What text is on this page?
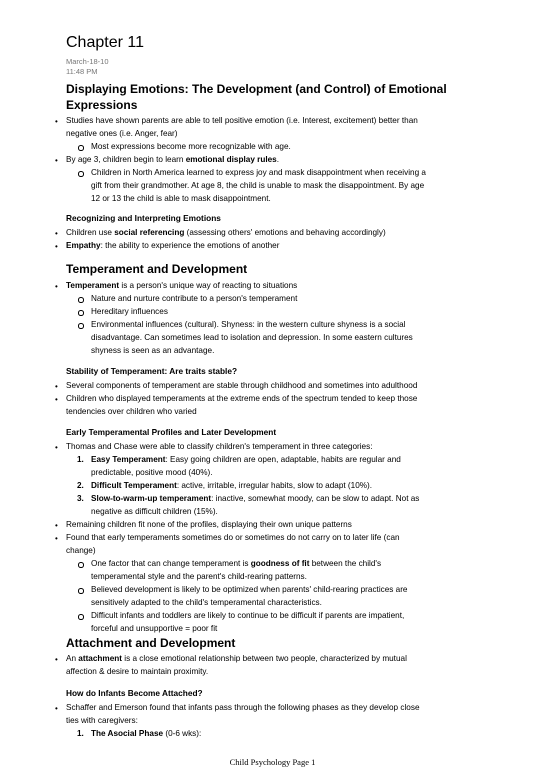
Chapter 11
March-18-10
11:48 PM
Displaying Emotions: The Development (and Control) of Emotional
Expressions
• Studies have shown parents are able to tell positive emotion (i.e. Interest, excitement) better than
negative ones (i.e. Anger, fear)
Most expressions become more recognizable with age.
• By age 3, children begin to learn emotional display rules.
Children in North America learned to express joy and mask disappointment when receiving a
gift from their grandmother. At age 8, the child is unable to mask the disappointment. By age
12 or 13 the child is able to mask disappointment.
Recognizing and Interpreting Emotions
• Children use social referencing (assessing others' emotions and behaving accordingly)
• Empathy: the ability to experience the emotions of another
Temperament and Development
• Temperament is a person's unique way of reacting to situations
Nature and nurture contribute to a person's temperament
Hereditary influences
Environmental influences (cultural). Shyness: in the western culture shyness is a social
disadvantage. Can sometimes lead to isolation and depression. In some eastern cultures
shyness is seen as an advantage.
Stability of Temperament: Are traits stable?
• Several components of temperament are stable through childhood and sometimes into adulthood
• Children who displayed temperaments at the extreme ends of the spectrum tended to keep those
tendencies over children who varied
Early Temperamental Profiles and Later Development
• Thomas and Chase were able to classify children's temperament in three categories:
1. Easy Temperament: Easy going children are open, adaptable, habits are regular and
predictable, positive mood (40%).
2. Difficult Temperament: active, irritable, irregular habits, slow to adapt (10%).
3. Slow-to-warm-up temperament: inactive, somewhat moody, can be slow to adapt. Not as
negative as difficult children (15%).
• Remaining children fit none of the profiles, displaying their own unique patterns
• Found that early temperaments sometimes do or sometimes do not carry on to later life (can
change)
One factor that can change temperament is goodness of fit between the child's
temperamental style and the parent's child-rearing patterns.
Believed development is likely to be optimized when parents' child-rearing practices are
sensitively adapted to the child's temperamental characteristics.
Difficult infants and toddlers are likely to continue to be difficult if parents are impatient,
forceful and unsupportive = poor fit
Attachment and Development
• An attachment is a close emotional relationship between two people, characterized by mutual
affection & desire to maintain proximity.
How do Infants Become Attached?
• Schaffer and Emerson found that infants pass through the following phases as they develop close
ties with caregivers:
1. The Asocial Phase (0-6 wks):
Child Psychology Page 1
